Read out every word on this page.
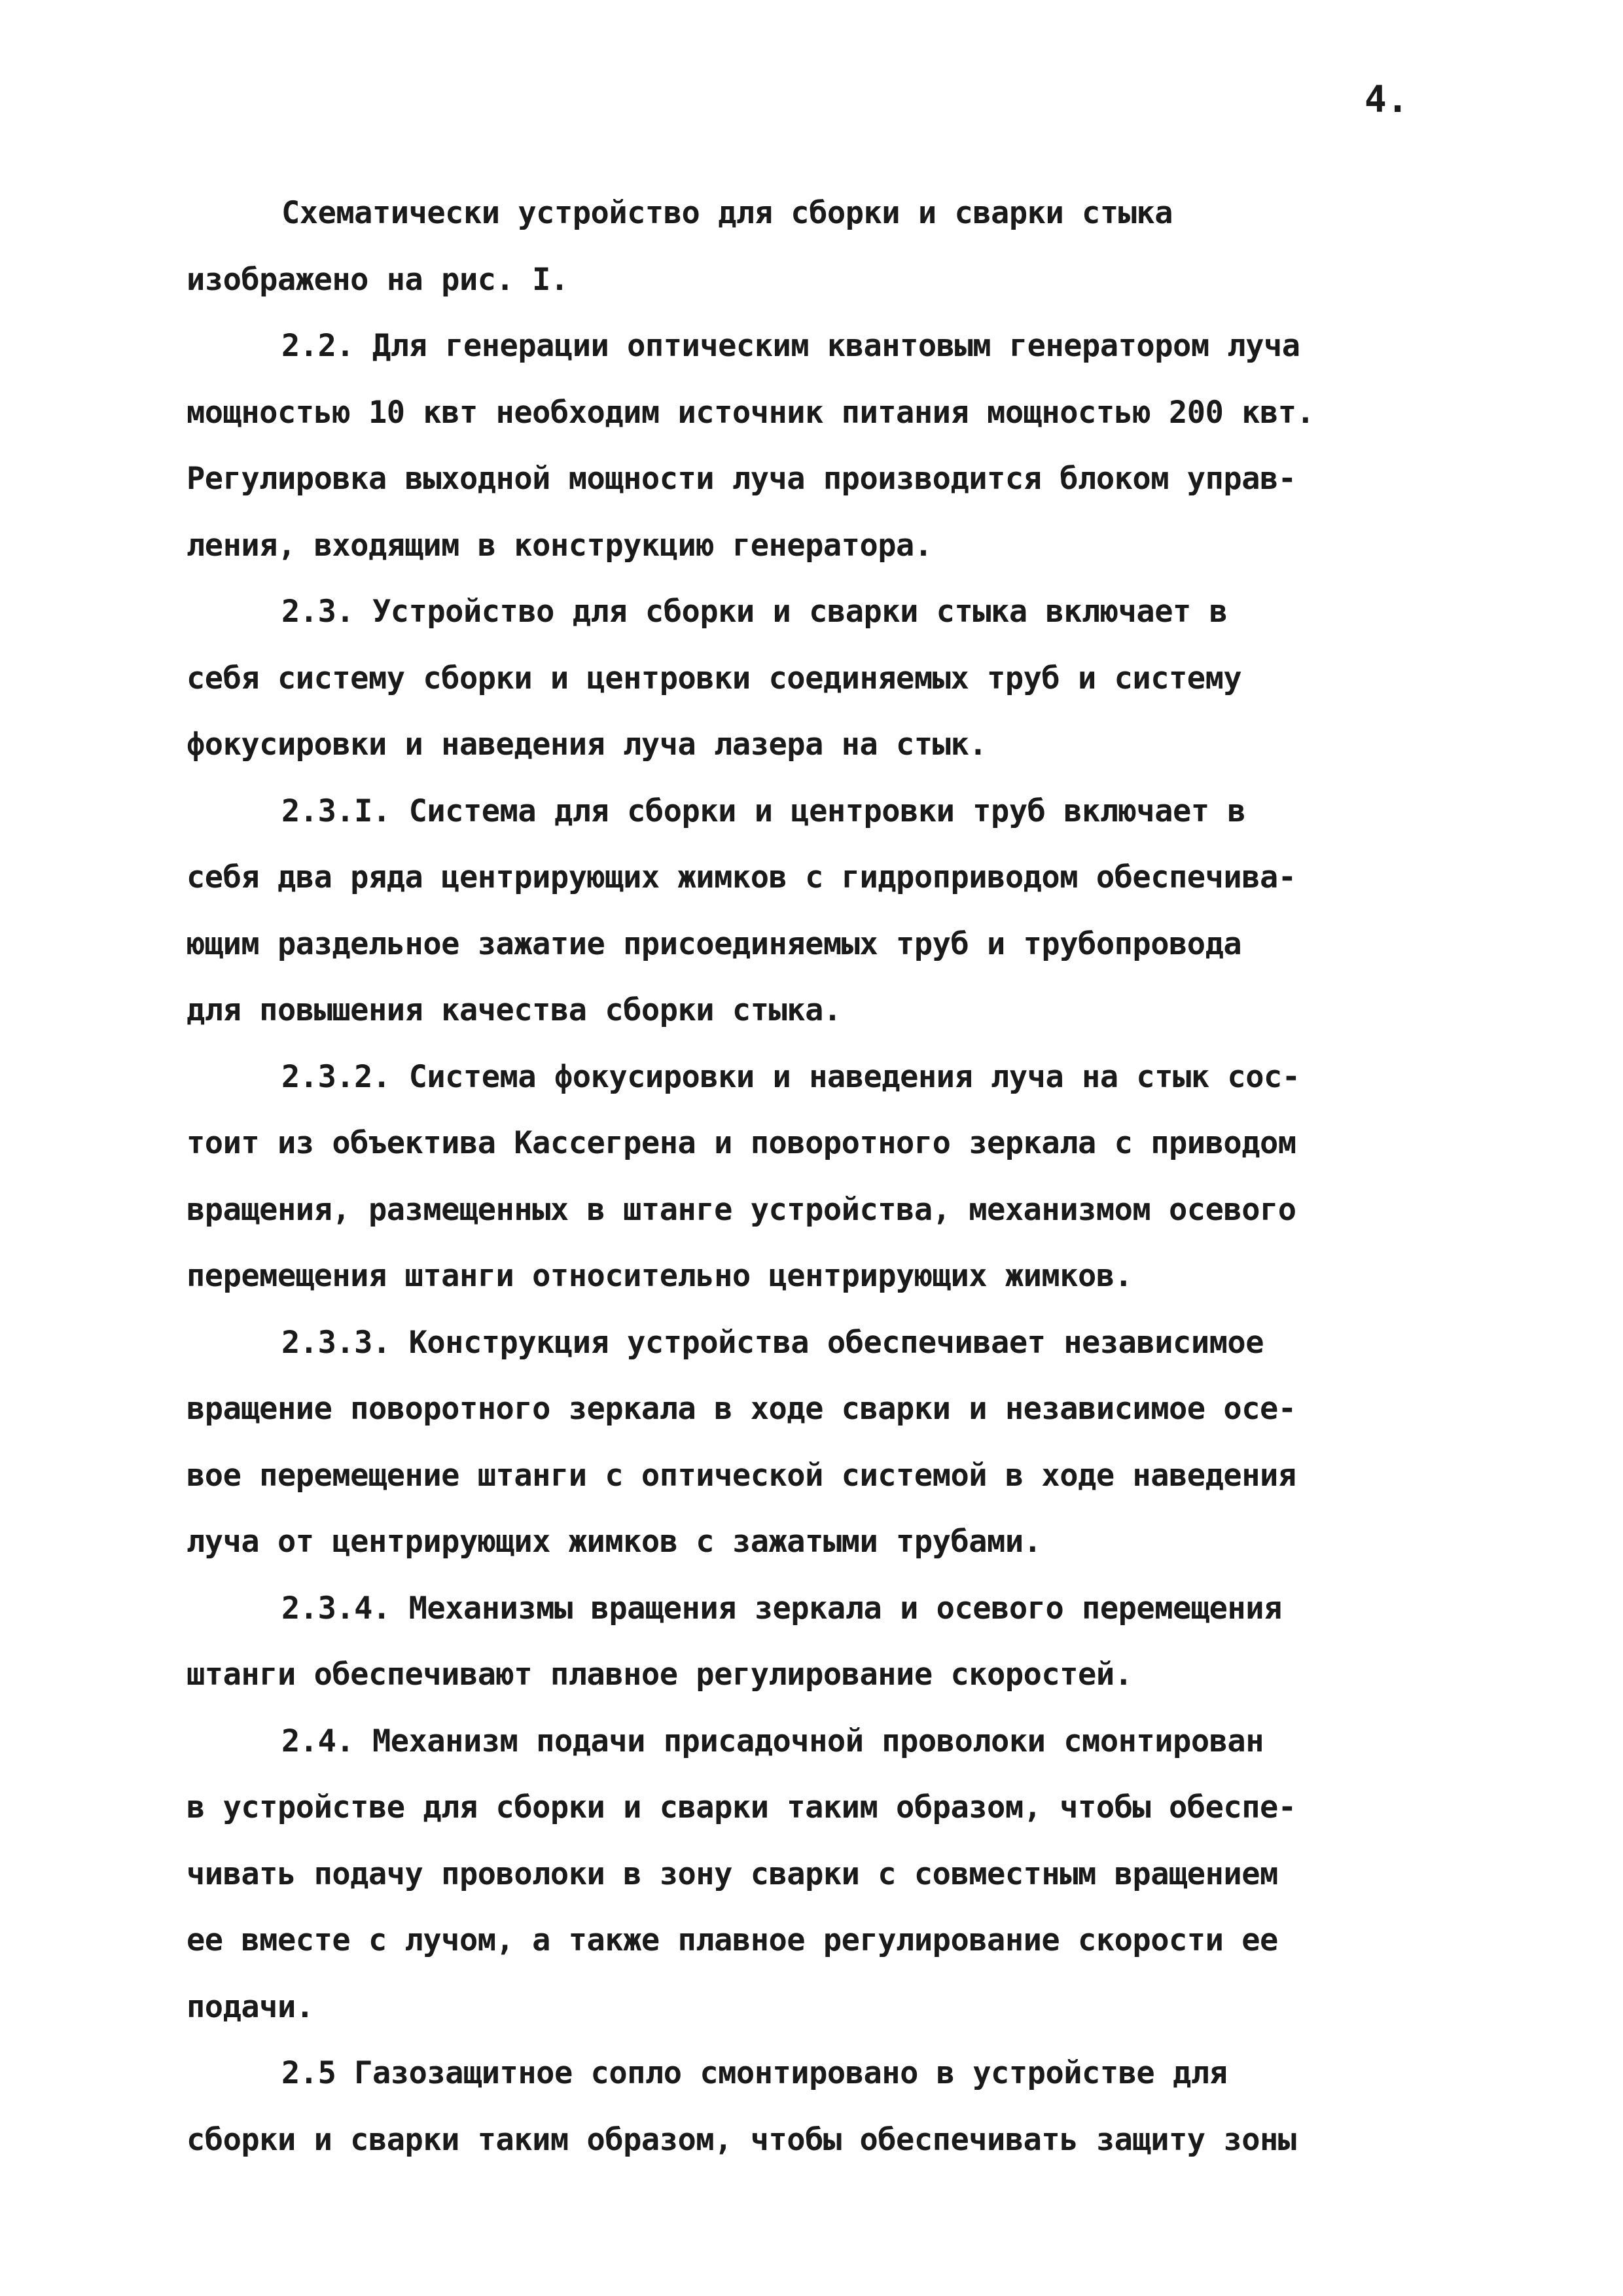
4.
Схематически устройство для сборки и сварки стыка
изображено на рис. I.
2.2. Для генерации оптическим квантовым генератором луча
мощностью 10 квт необходим источник питания мощностью 200 квт.
Регулировка выходной мощности луча производится блоком управ-
ления, входящим в конструкцию генератора.
2.3. Устройство для сборки и сварки стыка включает в
себя систему сборки и центровки соединяемых труб и систему
фокусировки и наведения луча лазера на стык.
2.3.I. Система для сборки и центровки труб включает в
себя два ряда центрирующих жимков с гидроприводом обеспечива-
ющим раздельное зажатие присоединяемых труб и трубопровода
для повышения качества сборки стыка.
2.3.2. Система фокусировки и наведения луча на стык сос-
тоит из объектива Кассегрена и поворотного зеркала с приводом
вращения, размещенных в штанге устройства, механизмом осевого
перемещения штанги относительно центрирующих жимков.
2.3.3. Конструкция устройства обеспечивает независимое
вращение поворотного зеркала в ходе сварки и независимое осе-
вое перемещение штанги с оптической системой в ходе наведения
луча от центрирующих жимков с зажатыми трубами.
2.3.4. Механизмы вращения зеркала и осевого перемещения
штанги обеспечивают плавное регулирование скоростей.
2.4. Механизм подачи присадочной проволоки смонтирован
в устройстве для сборки и сварки таким образом, чтобы обеспе-
чивать подачу проволоки в зону сварки с совместным вращением
ее вместе с лучом, а также плавное регулирование скорости ее
подачи.
2.5 Газозащитное сопло смонтировано в устройстве для
сборки и сварки таким образом, чтобы обеспечивать защиту зоны
